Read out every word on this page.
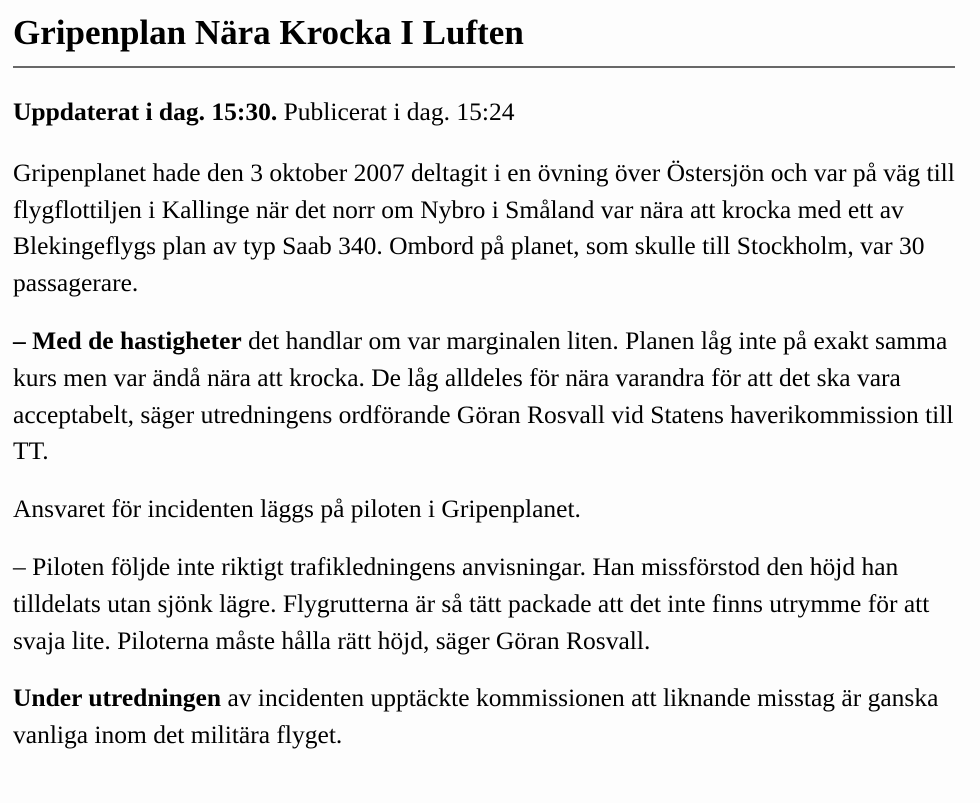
Gripenplan Nära Krocka I Luften

Uppdaterat i dag. 15:30. Publicerat i dag. 15:24

Gripenplanet hade den 3 oktober 2007 deltagit i en övning över Östersjön och var på väg till flygflottiljen i Kallinge när det norr om Nybro i Småland var nära att krocka med ett av Blekingeflygs plan av typ Saab 340. Ombord på planet, som skulle till Stockholm, var 30 passagerare.

– Med de hastigheter det handlar om var marginalen liten. Planen låg inte på exakt samma kurs men var ändå nära att krocka. De låg alldeles för nära varandra för att det ska vara acceptabelt, säger utredningens ordförande Göran Rosvall vid Statens haverikommission till TT.

Ansvaret för incidenten läggs på piloten i Gripenplanet.

– Piloten följde inte riktigt trafikledningens anvisningar. Han missförstod den höjd han tilldelats utan sjönk lägre. Flygrutterna är så tätt packade att det inte finns utrymme för att svaja lite. Piloterna måste hålla rätt höjd, säger Göran Rosvall.

Under utredningen av incidenten upptäckte kommissionen att liknande misstag är ganska vanliga inom det militära flyget.
